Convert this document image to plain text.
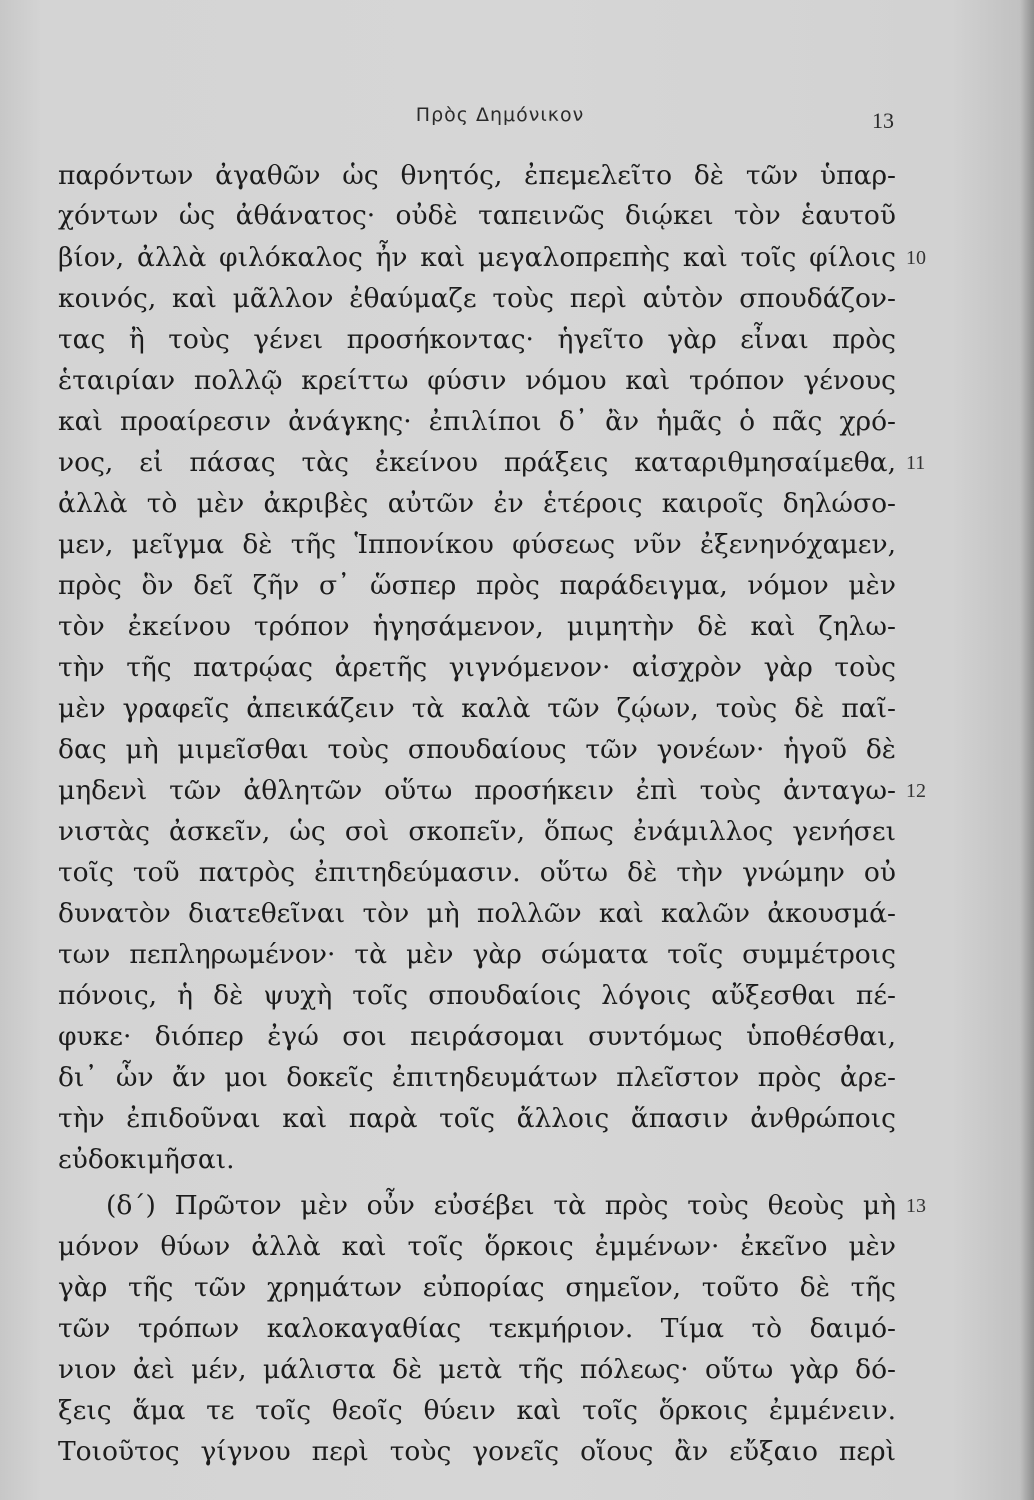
Πρὸς Δημόνικον	13
παρόντων ἀγαθῶν ὡς θνητός, ἐπεμελεῖτο δὲ τῶν ὑπαρ-
χόντων ὡς ἀθάνατος· οὐδὲ ταπεινῶς διῴκει τὸν ἑαυτοῦ
βίον, ἀλλὰ φιλόκαλος ἦν καὶ μεγαλοπρεπὴς καὶ τοῖς φίλοις
κοινός, καὶ μᾶλλον ἐθαύμαζε τοὺς περὶ αὑτὸν σπουδάζον-
τας ἢ τοὺς γένει προσήκοντας· ἡγεῖτο γὰρ εἶναι πρὸς
ἑταιρίαν πολλῷ κρείττω φύσιν νόμου καὶ τρόπον γένους
καὶ προαίρεσιν ἀνάγκης· ἐπιλίποι δ᾽ ἂν ἡμᾶς ὁ πᾶς χρό-
νος, εἰ πάσας τὰς ἐκείνου πράξεις καταριθμησαίμεθα,
ἀλλὰ τὸ μὲν ἀκριβὲς αὐτῶν ἐν ἑτέροις καιροῖς δηλώσο-
μεν, μεῖγμα δὲ τῆς Ἱππονίκου φύσεως νῦν ἐξενηνόχαμεν,
πρὸς ὃν δεῖ ζῆν σ᾽ ὥσπερ πρὸς παράδειγμα, νόμον μὲν
τὸν ἐκείνου τρόπον ἡγησάμενον, μιμητὴν δὲ καὶ ζηλω-
τὴν τῆς πατρῴας ἀρετῆς γιγνόμενον· αἰσχρὸν γὰρ τοὺς
μὲν γραφεῖς ἀπεικάζειν τὰ καλὰ τῶν ζῴων, τοὺς δὲ παῖ-
δας μὴ μιμεῖσθαι τοὺς σπουδαίους τῶν γονέων· ἡγοῦ δὲ
μηδενὶ τῶν ἀθλητῶν οὕτω προσήκειν ἐπὶ τοὺς ἀνταγω-
νιστὰς ἀσκεῖν, ὡς σοὶ σκοπεῖν, ὅπως ἐνάμιλλος γενήσει
τοῖς τοῦ πατρὸς ἐπιτηδεύμασιν. οὕτω δὲ τὴν γνώμην οὐ
δυνατὸν διατεθεῖναι τὸν μὴ πολλῶν καὶ καλῶν ἀκουσμά-
των πεπληρωμένον· τὰ μὲν γὰρ σώματα τοῖς συμμέτροις
πόνοις, ἡ δὲ ψυχὴ τοῖς σπουδαίοις λόγοις αὔξεσθαι πέ-
φυκε· διόπερ ἐγώ σοι πειράσομαι συντόμως ὑποθέσθαι,
δι᾽ ὧν ἄν μοι δοκεῖς ἐπιτηδευμάτων πλεῖστον πρὸς ἀρε-
τὴν ἐπιδοῦναι καὶ παρὰ τοῖς ἄλλοις ἅπασιν ἀνθρώποις
εὐδοκιμῆσαι.
(δ´) Πρῶτον μὲν οὖν εὐσέβει τὰ πρὸς τοὺς θεοὺς μὴ
μόνον θύων ἀλλὰ καὶ τοῖς ὅρκοις ἐμμένων· ἐκεῖνο μὲν
γὰρ τῆς τῶν χρημάτων εὐπορίας σημεῖον, τοῦτο δὲ τῆς
τῶν τρόπων καλοκαγαθίας τεκμήριον. Τίμα τὸ δαιμό-
νιον ἀεὶ μέν, μάλιστα δὲ μετὰ τῆς πόλεως· οὕτω γὰρ δό-
ξεις ἅμα τε τοῖς θεοῖς θύειν καὶ τοῖς ὅρκοις ἐμμένειν.
Τοιοῦτος γίγνου περὶ τοὺς γονεῖς οἵους ἂν εὔξαιο περὶ
10
11
12
13
